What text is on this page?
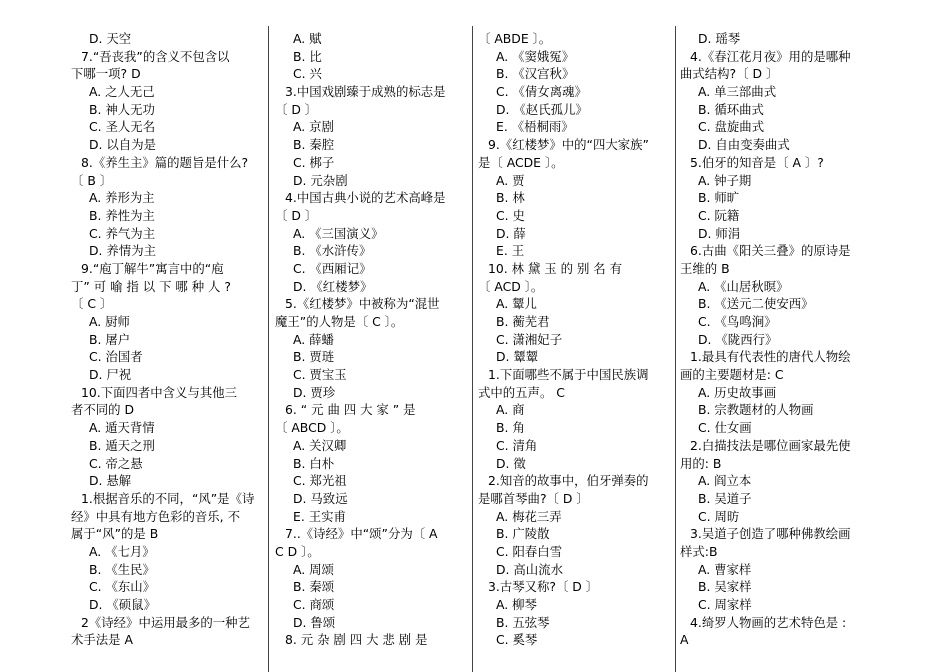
D. 天空
7.“吾丧我”的含义不包含以
下哪一项? D
A. 之人无己
B. 神人无功
C. 圣人无名
D. 以自为是
8.《养生主》篇的题旨是什么?
〔 B 〕
A. 养形为主
B. 养性为主
C. 养气为主
D. 养情为主
9.“庖丁解牛”寓言中的“庖
丁” 可 喻 指 以 下 哪 种 人 ?
〔 C 〕
A. 厨师
B. 屠户
C. 治国者
D. 尸祝
10.下面四者中含义与其他三
者不同的 D
A. 遁天背情
B. 遁天之刑
C. 帝之悬
D. 悬解
1.根据音乐的不同，“风”是《诗
经》中具有地方色彩的音乐, 不
属于“风”的是 B
A. 《七月》
B. 《生民》
C. 《东山》
D. 《硕鼠》
2《诗经》中运用最多的一种艺
术手法是 A
A. 赋
B. 比
C. 兴
3.中国戏剧臻于成熟的标志是
〔 D 〕
A. 京剧
B. 秦腔
C. 梆子
D. 元杂剧
4.中国古典小说的艺术高峰是
〔 D 〕
A. 《三国演义》
B. 《水浒传》
C. 《西厢记》
D. 《红楼梦》
5.《红楼梦》中被称为“混世
魔王”的人物是〔 C 〕。
A. 薛蟠
B. 贾琏
C. 贾宝玉
D. 贾珍
6. “ 元 曲 四 大 家 ” 是
〔 ABCD 〕。
A. 关汉卿
B. 白朴
C. 郑光祖
D. 马致远
E. 王实甫
7..《诗经》中“颂”分为〔 A
C D 〕。
A. 周颂
B. 秦颂
C. 商颂
D. 鲁颂
8. 元 杂 剧 四 大 悲 剧 是
〔 ABDE 〕。
A. 《窦娥冤》
B. 《汉宫秋》
C. 《倩女离魂》
D. 《赵氏孤儿》
E. 《梧桐雨》
9.《红楼梦》中的“四大家族”
是〔 ACDE 〕。
A. 贾
B. 林
C. 史
D. 薛
E. 王
10. 林 黛 玉 的 别 名 有
〔 ACD 〕。
A. 颦儿
B. 蘅芜君
C. 潇湘妃子
D. 颦颦
1.下面哪些不属于中国民族调
式中的五声。 C
A. 商
B. 角
C. 清角
D. 徵
2.知音的故事中，伯牙弹奏的
是哪首琴曲?〔 D 〕
A. 梅花三弄
B. 广陵散
C. 阳春白雪
D. 高山流水
3.古琴又称?〔 D 〕
A. 柳琴
B. 五弦琴
C. 奚琴
D. 瑶琴
4.《春江花月夜》用的是哪种
曲式结构?〔 D 〕
A. 单三部曲式
B. 循环曲式
C. 盘旋曲式
D. 自由变奏曲式
5.伯牙的知音是〔 A 〕?
A. 钟子期
B. 师旷
C. 阮籍
D. 师涓
6.古曲《阳关三叠》的原诗是
王维的 B
A. 《山居秋暝》
B. 《送元二使安西》
C. 《鸟鸣涧》
D. 《陇西行》
1.最具有代表性的唐代人物绘
画的主要题材是: C
A. 历史故事画
B. 宗教题材的人物画
C. 仕女画
2.白描技法是哪位画家最先使
用的: B
A. 阎立本
B. 吴道子
C. 周昉
3.吴道子创造了哪种佛教绘画
样式:B
A. 曹家样
B. 吴家样
C. 周家样
4.绮罗人物画的艺术特色是 :
A
